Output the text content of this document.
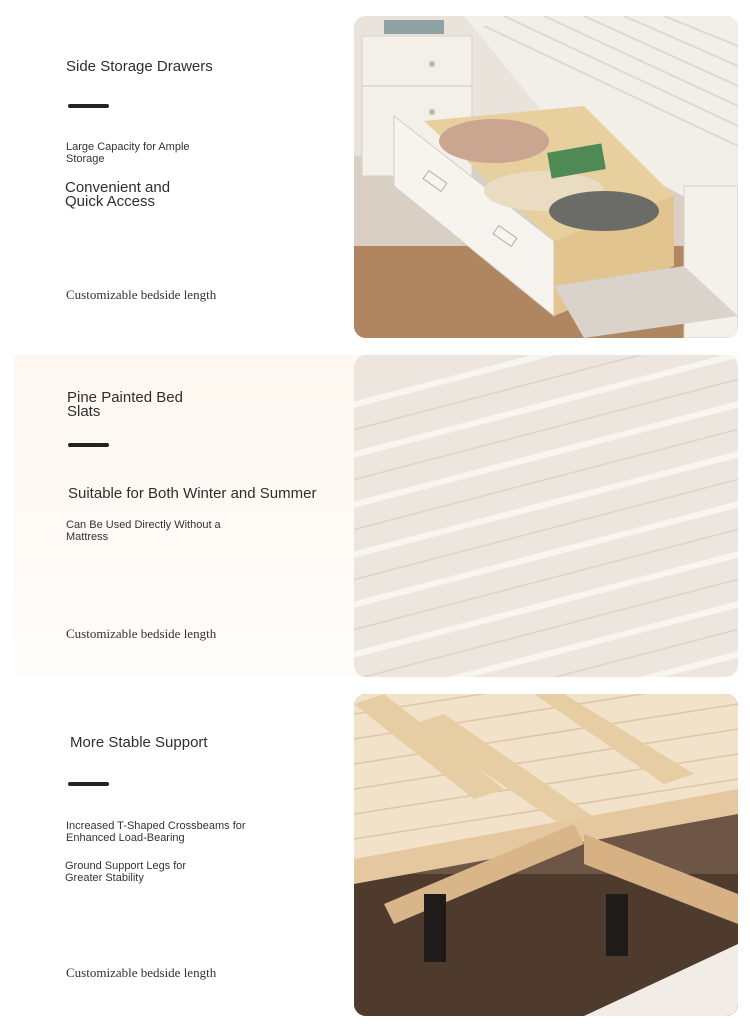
Side Storage Drawers
Large Capacity for Ample Storage
Convenient and Quick Access
Customizable bedside length
Pine Painted Bed Slats
Suitable for Both Winter and Summer
Can Be Used Directly Without a Mattress
Customizable bedside length
More Stable Support
Increased T-Shaped Crossbeams for Enhanced Load-Bearing
Ground Support Legs for Greater Stability
Customizable bedside length
